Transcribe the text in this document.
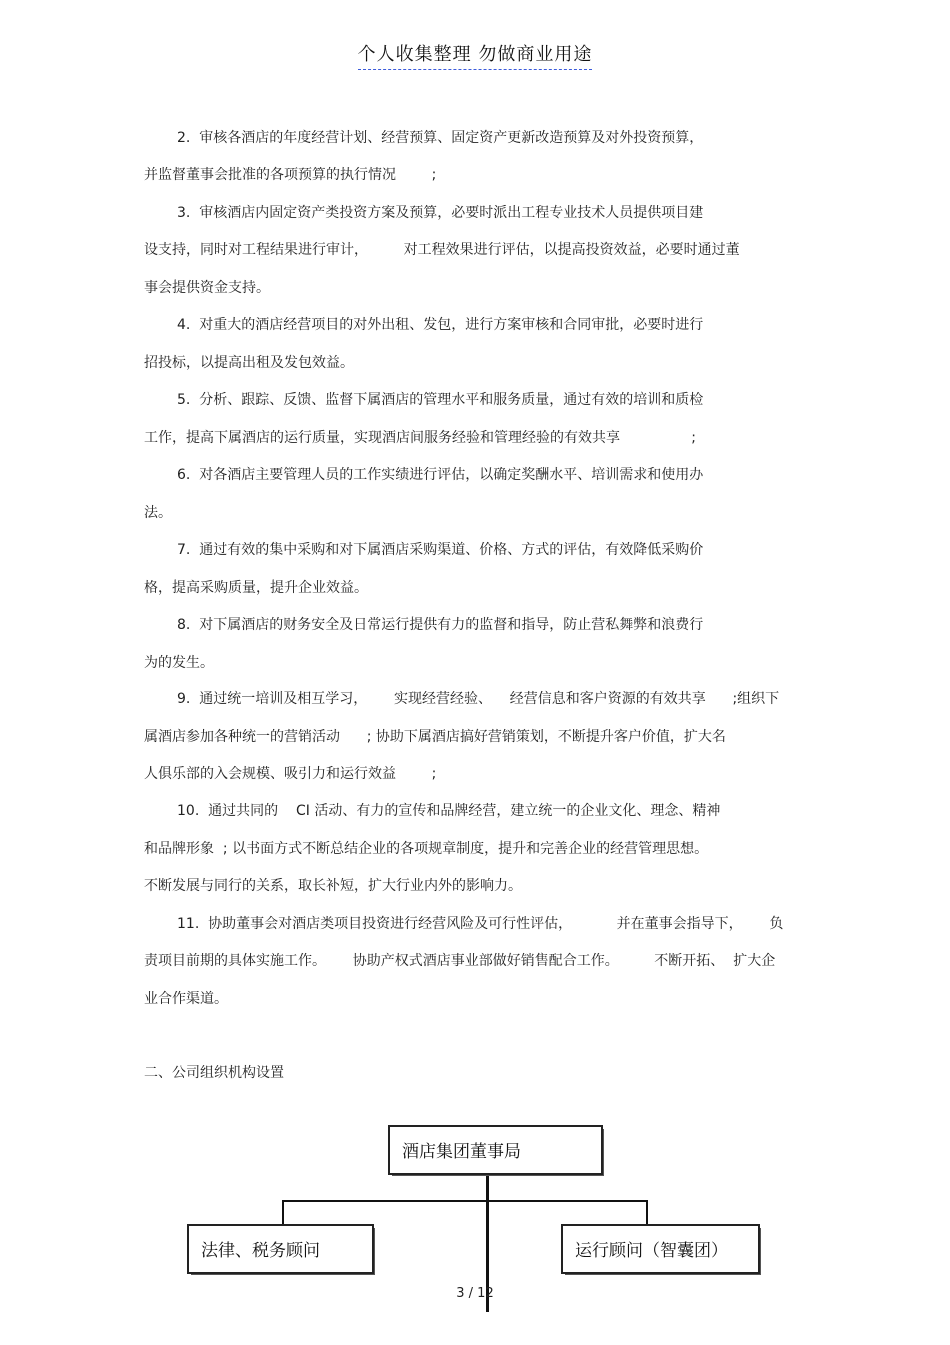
个人收集整理 勿做商业用途
2.  审核各酒店的年度经营计划、经营预算、固定资产更新改造预算及对外投资预算，
并监督董事会批准的各项预算的执行情况        ;
3.  审核酒店内固定资产类投资方案及预算，必要时派出工程专业技术人员提供项目建
设支持，同时对工程结果进行审计，        对工程效果进行评估，以提高投资效益，必要时通过董
事会提供资金支持。
4.  对重大的酒店经营项目的对外出租、发包，进行方案审核和合同审批，必要时进行
招投标，以提高出租及发包效益。
5.  分析、跟踪、反馈、监督下属酒店的管理水平和服务质量，通过有效的培训和质检
工作，提高下属酒店的运行质量，实现酒店间服务经验和管理经验的有效共享                ;
6.  对各酒店主要管理人员的工作实绩进行评估，以确定奖酬水平、培训需求和使用办
法。
7.  通过有效的集中采购和对下属酒店采购渠道、价格、方式的评估，有效降低采购价
格，提高采购质量，提升企业效益。
8.  对下属酒店的财务安全及日常运行提供有力的监督和指导，防止营私舞弊和浪费行
为的发生。
9.  通过统一培训及相互学习，      实现经营经验、    经营信息和客户资源的有效共享      ;组织下
属酒店参加各种统一的营销活动      ; 协助下属酒店搞好营销策划，不断提升客户价值，扩大名
人俱乐部的入会规模、吸引力和运行效益        ;
10.  通过共同的    CI 活动、有力的宣传和品牌经营，建立统一的企业文化、理念、精神
和品牌形象  ; 以书面方式不断总结企业的各项规章制度，提升和完善企业的经营管理思想。
不断发展与同行的关系，取长补短，扩大行业内外的影响力。
11.  协助董事会对酒店类项目投资进行经营风险及可行性评估，          并在董事会指导下，      负
责项目前期的具体实施工作。      协助产权式酒店事业部做好销售配合工作。        不断开拓、  扩大企
业合作渠道。
二、公司组织机构设置
酒店集团董事局
法律、税务顾问	运行顾问（智囊团）
3 / 12
